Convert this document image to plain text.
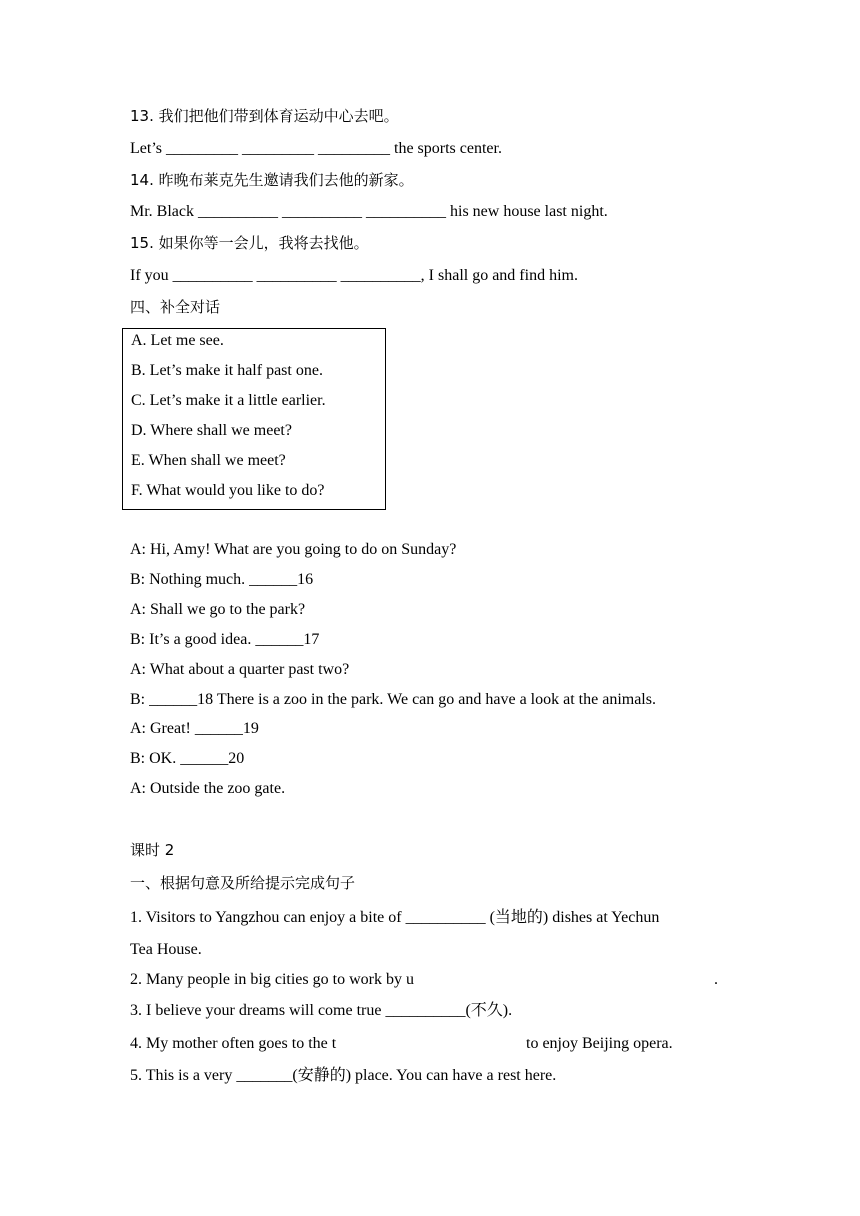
13. 我们把他们带到体育运动中心去吧。
Let’s _________ _________ _________ the sports center.
14. 昨晚布莱克先生邀请我们去他的新家。
Mr. Black __________ __________ __________ his new house last night.
15. 如果你等一会儿，我将去找他。
If you __________ __________ __________, I shall go and find him.
四、补全对话
A. Let me see.
B. Let’s make it half past one.
C. Let’s make it a little earlier.
D. Where shall we meet?
E. When shall we meet?
F. What would you like to do?
A: Hi, Amy! What are you going to do on Sunday?
B: Nothing much. ______16
A: Shall we go to the park?
B: It’s a good idea. ______17
A: What about a quarter past two?
B: ______18 There is a zoo in the park. We can go and have a look at the animals.
A: Great! ______19
B: OK. ______20
A: Outside the zoo gate.
课时 2
一、根据句意及所给提示完成句子
1. Visitors to Yangzhou can enjoy a bite of __________ (当地的) dishes at Yechun
Tea House.
2. Many people in big cities go to work by u	.
3. I believe your dreams will come true __________(不久).
4. My mother often goes to the t	to enjoy Beijing opera.
5. This is a very _______(安静的) place. You can have a rest here.
